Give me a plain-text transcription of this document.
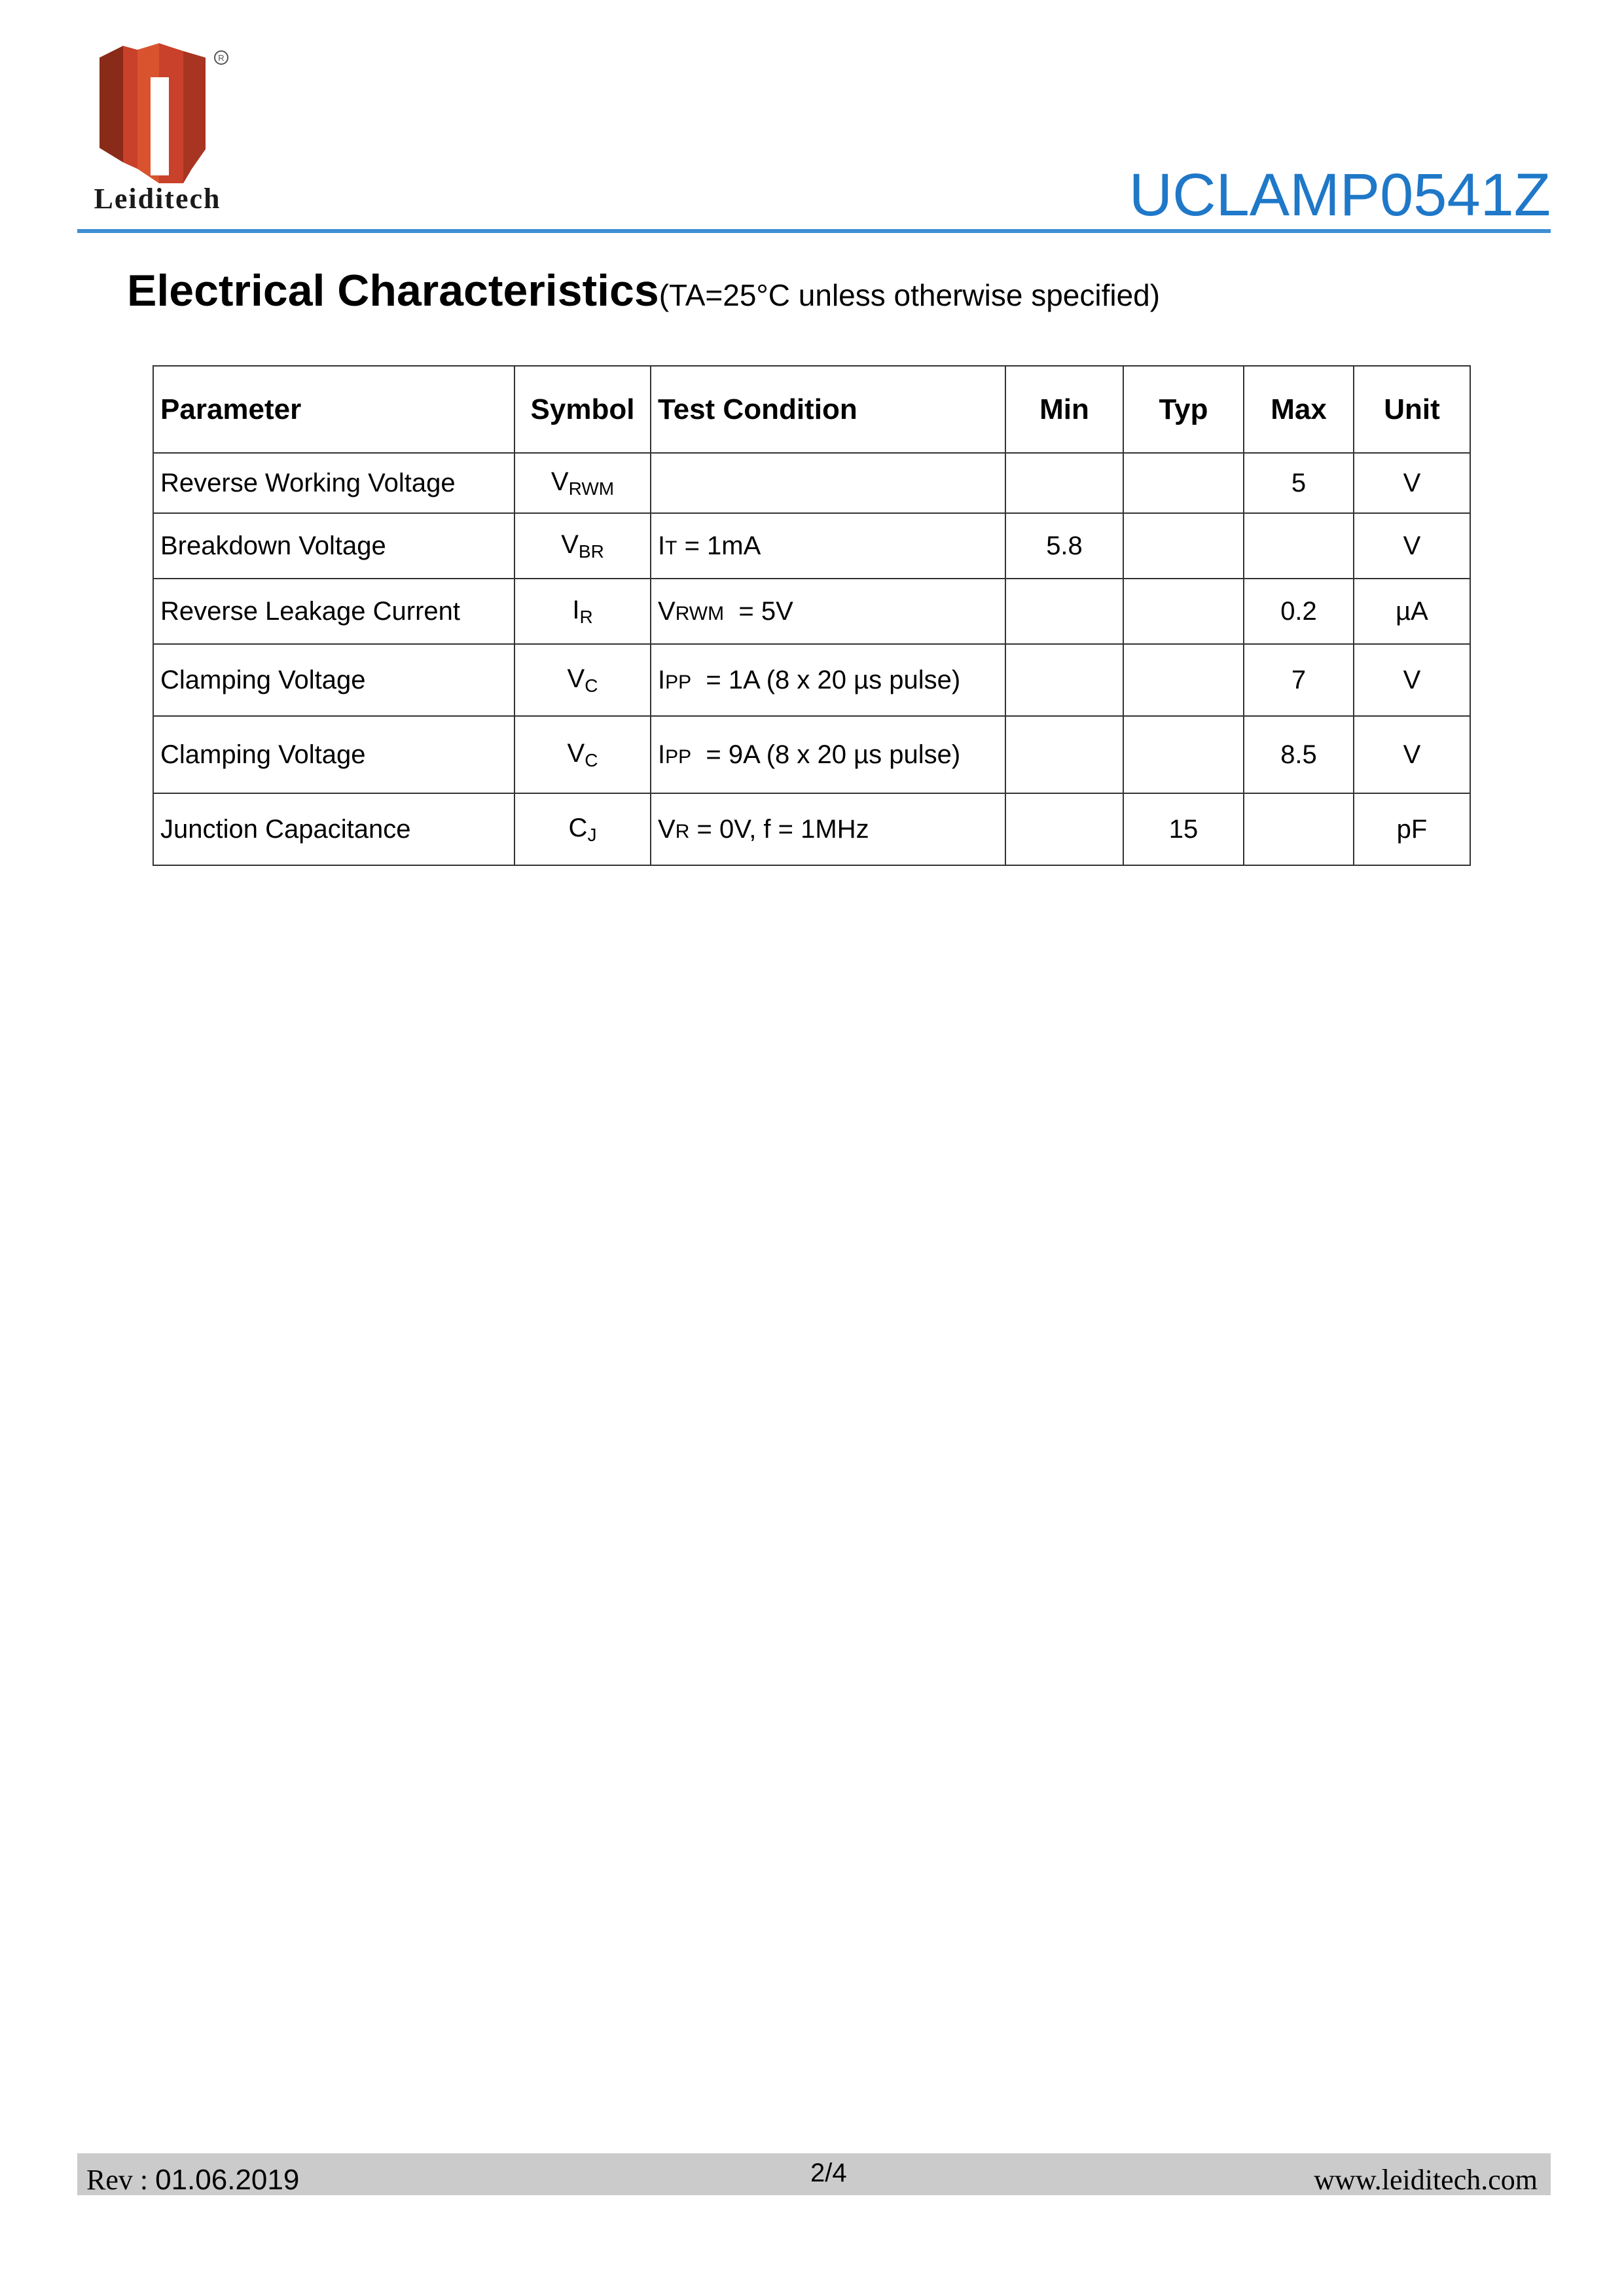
R
Leiditech	UCLAMP0541Z
Electrical Characteristics(TA=25°C unless otherwise specified)
Parameter	Symbol	Test Condition	Min	Typ	Max	Unit
Reverse Working Voltage	$V_{RWM}$				5	V
Breakdown Voltage	$V_{BR}$	IT = 1mA	5.8			V
Reverse Leakage Current	$I_R$	VRWM  = 5V			0.2	µA
Clamping Voltage	$V_C$	IPP  = 1A (8 x 20 µs pulse)			7	V
Clamping Voltage	$V_C$	IPP  = 9A (8 x 20 µs pulse)			8.5	V
Junction Capacitance	$C_J$	VR = 0V, f = 1MHz		15		pF
Rev : 01.06.2019	2/4	www.leiditech.com
